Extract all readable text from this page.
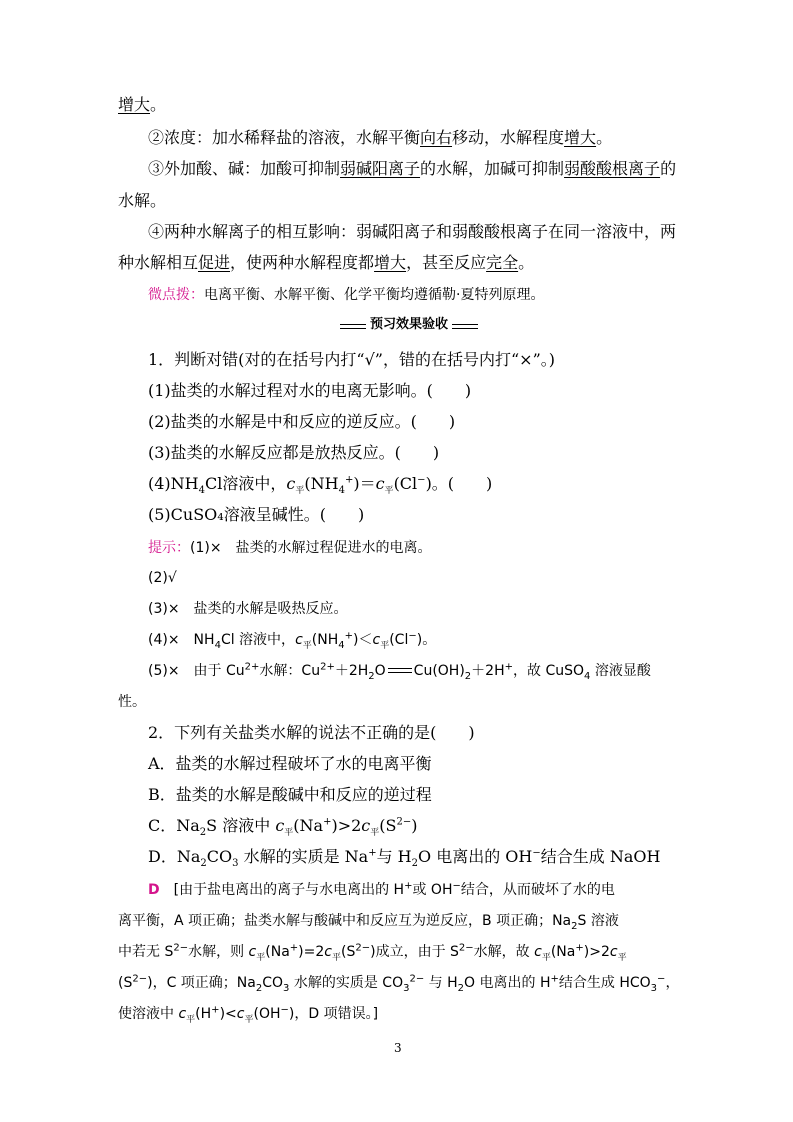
增大。
②浓度：加水稀释盐的溶液，水解平衡向右移动，水解程度增大。
③外加酸、碱：加酸可抑制弱碱阳离子的水解，加碱可抑制弱酸酸根离子的
水解。
④两种水解离子的相互影响：弱碱阳离子和弱酸酸根离子在同一溶液中，两
种水解相互促进，使两种水解程度都增大，甚至反应完全。
微点拨：电离平衡、水解平衡、化学平衡均遵循勒·夏特列原理。
预习效果验收
1．判断对错(对的在括号内打“√”，错的在括号内打“×”。)
(1)盐类的水解过程对水的电离无影响。(　　)
(2)盐类的水解是中和反应的逆反应。(　　)
(3)盐类的水解反应都是放热反应。(　　)
$(4)NH_4Cl$溶液中，$c_平(NH_4^+)=c_平(Cl^-)$。(　　)
(5)CuSO₄溶液呈碱性。(　　)
提示：(1)×　盐类的水解过程促进水的电离。
(2)√
(3)×　盐类的水解是吸热反应。
(4)×　$NH_4Cl$ 溶液中，$c_平(NH_4^+)<c_平(Cl^-)$。
(5)×　由于 $Cu^{2+}$水解：$Cu^{2+}+2H_2O$ $Cu(OH)_2+2H^+$，故 CuSO$_4$ 溶液显酸
性。
2．下列有关盐类水解的说法不正确的是(　　)
A．盐类的水解过程破坏了水的电离平衡
B．盐类的水解是酸碱中和反应的逆过程
C．$Na_2S$ 溶液中 $c_平(Na^+)>2c_平(S^{2-})$
D．$Na_2CO_3$ 水解的实质是 Na+与 $H_2O$ 电离出的 OH−结合生成 NaOH
D　[由于盐电离出的离子与水电离出的 H+或 OH−结合，从而破坏了水的电
离平衡，A 项正确；盐类水解与酸碱中和反应互为逆反应，B 项正确；$Na_2S$ 溶液
中若无 $S^{2-}$水解，则 $c_平(Na^+)=2c_平(S^{2-})$成立，由于 $S^{2-}$水解，故 $c_平(Na^+)>2c_平$
$(S^{2-})$，C 项正确；$Na_2CO_3$ 水解的实质是 $CO_3^{2-}$ 与 $H_2O$ 电离出的 H+结合生成 $HCO_3^-$，
使溶液中 $c_平(H^+)<c_平(OH^-)$，D 项错误。]
3
